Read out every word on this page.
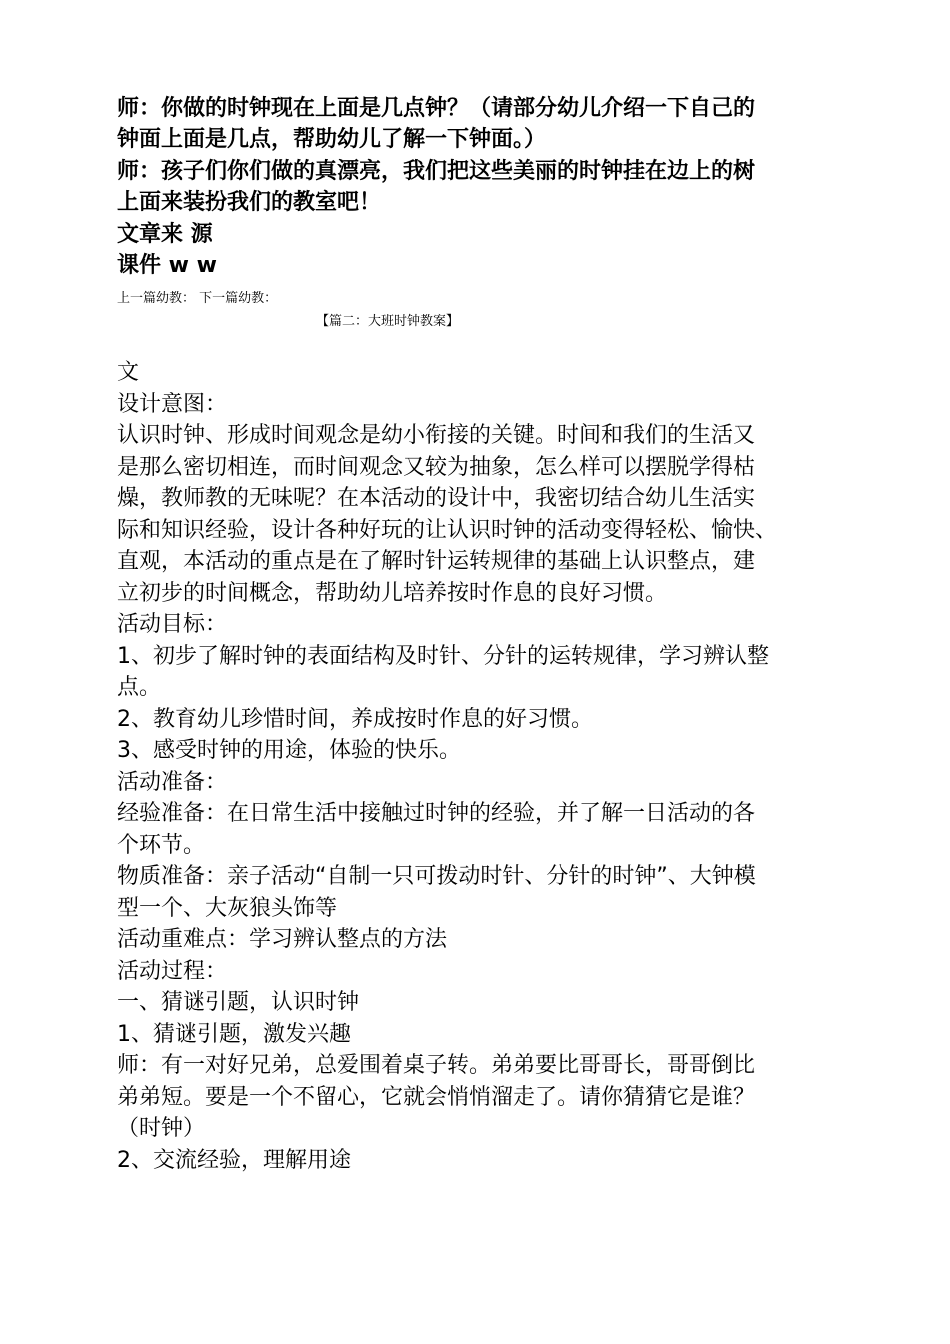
师：你做的时钟现在上面是几点钟？（请部分幼儿介绍一下自己的
钟面上面是几点，帮助幼儿了解一下钟面。）
师：孩子们你们做的真漂亮，我们把这些美丽的时钟挂在边上的树
上面来装扮我们的教室吧！
文章来 源
课件 w w
上一篇幼教： 下一篇幼教：
【篇二：大班时钟教案】
文
设计意图：
认识时钟、形成时间观念是幼小衔接的关键。时间和我们的生活又
是那么密切相连，而时间观念又较为抽象，怎么样可以摆脱学得枯
燥，教师教的无味呢？在本活动的设计中，我密切结合幼儿生活实
际和知识经验，设计各种好玩的让认识时钟的活动变得轻松、愉快、
直观，本活动的重点是在了解时针运转规律的基础上认识整点，建
立初步的时间概念，帮助幼儿培养按时作息的良好习惯。
活动目标：
1、初步了解时钟的表面结构及时针、分针的运转规律，学习辨认整
点。
2、教育幼儿珍惜时间，养成按时作息的好习惯。
3、感受时钟的用途，体验的快乐。
活动准备：
经验准备：在日常生活中接触过时钟的经验，并了解一日活动的各
个环节。
物质准备：亲子活动“自制一只可拨动时针、分针的时钟”、大钟模
型一个、大灰狼头饰等
活动重难点：学习辨认整点的方法
活动过程：
一、猜谜引题，认识时钟
1、猜谜引题，激发兴趣
师：有一对好兄弟，总爱围着桌子转。弟弟要比哥哥长，哥哥倒比
弟弟短。要是一个不留心，它就会悄悄溜走了。请你猜猜它是谁？
（时钟）
2、交流经验，理解用途
